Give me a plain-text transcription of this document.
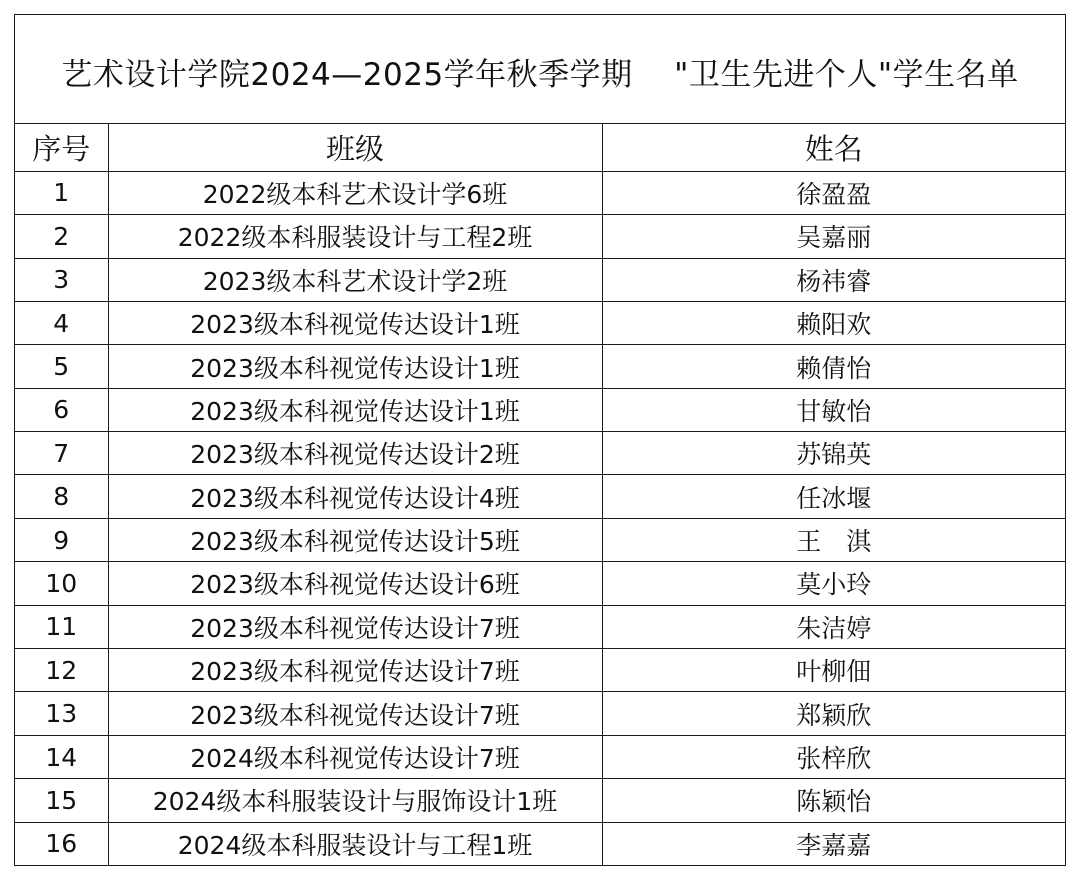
艺术设计学院2024—2025学年秋季学期    "卫生先进个人"学生名单
序号	班级	姓名
1	2022级本科艺术设计学6班	徐盈盈
2	2022级本科服装设计与工程2班	吴嘉丽
3	2023级本科艺术设计学2班	杨祎睿
4	2023级本科视觉传达设计1班	赖阳欢
5	2023级本科视觉传达设计1班	赖倩怡
6	2023级本科视觉传达设计1班	甘敏怡
7	2023级本科视觉传达设计2班	苏锦英
8	2023级本科视觉传达设计4班	任冰堰
9	2023级本科视觉传达设计5班	王　淇
10	2023级本科视觉传达设计6班	莫小玲
11	2023级本科视觉传达设计7班	朱洁婷
12	2023级本科视觉传达设计7班	叶柳佃
13	2023级本科视觉传达设计7班	郑颖欣
14	2024级本科视觉传达设计7班	张梓欣
15	2024级本科服装设计与服饰设计1班	陈颖怡
16	2024级本科服装设计与工程1班	李嘉嘉
